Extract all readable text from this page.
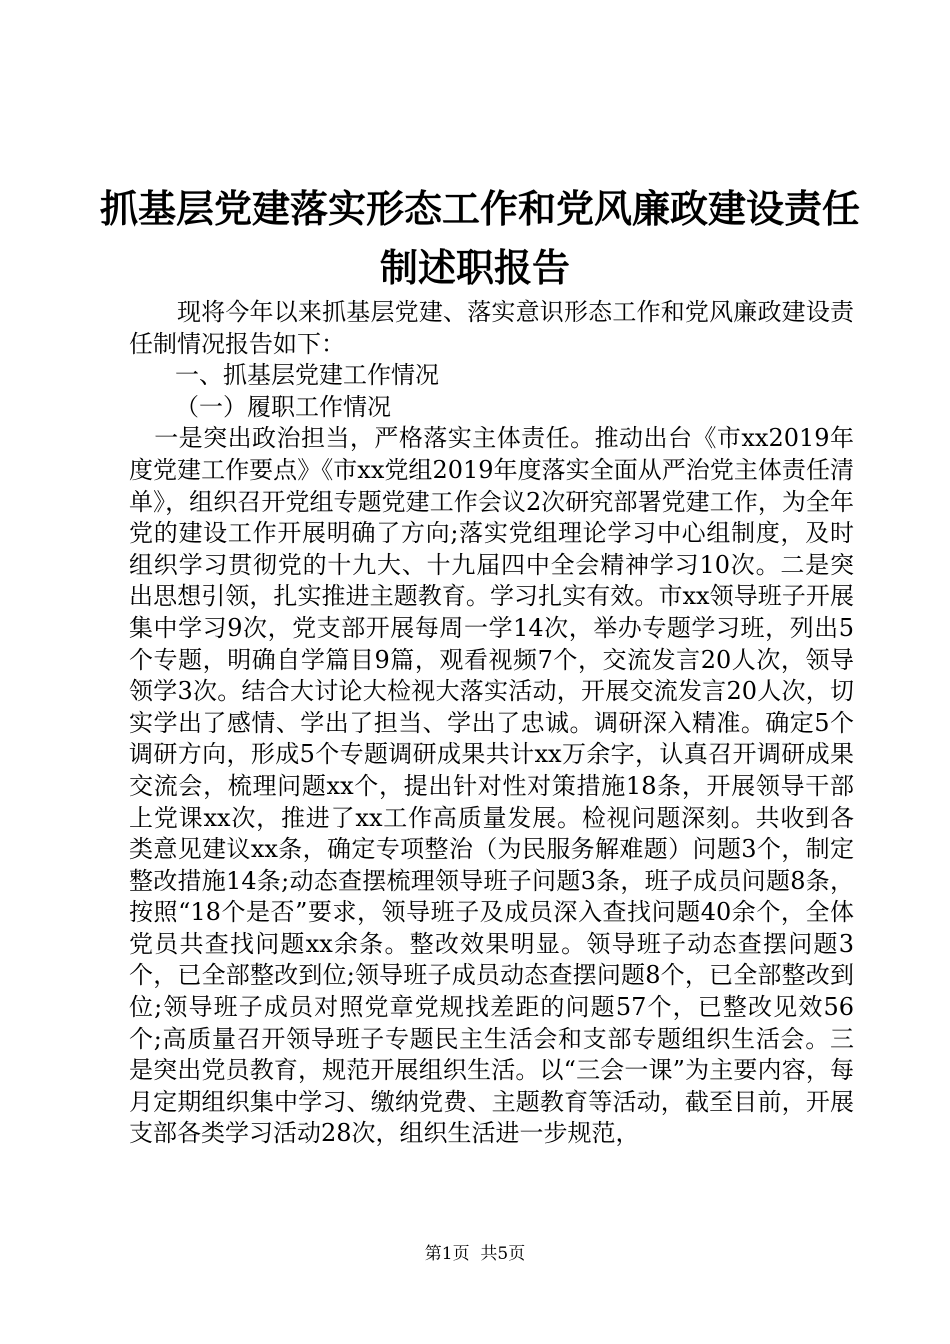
抓基层党建落实形态工作和党风廉政建设责任
制述职报告

现将今年以来抓基层党建、落实意识形态工作和党风廉政建设责任制情况报告如下：

一、抓基层党建工作情况

（一）履职工作情况

一是突出政治担当，严格落实主体责任。推动出台《市xx2019年度党建工作要点》《市xx党组2019年度落实全面从严治党主体责任清单》，组织召开党组专题党建工作会议2次研究部署党建工作，为全年党的建设工作开展明确了方向;落实党组理论学习中心组制度，及时组织学习贯彻党的十九大、十九届四中全会精神学习10次。二是突出思想引领，扎实推进主题教育。学习扎实有效。市xx领导班子开展集中学习9次，党支部开展每周一学14次，举办专题学习班，列出5个专题，明确自学篇目9篇，观看视频7个，交流发言20人次，领导领学3次。结合大讨论大检视大落实活动，开展交流发言20人次，切实学出了感情、学出了担当、学出了忠诚。调研深入精准。确定5个调研方向，形成5个专题调研成果共计xx万余字，认真召开调研成果交流会，梳理问题xx个，提出针对性对策措施18条，开展领导干部上党课xx次，推进了xx工作高质量发展。检视问题深刻。共收到各类意见建议xx条，确定专项整治（为民服务解难题）问题3个，制定整改措施14条;动态查摆梳理领导班子问题3条，班子成员问题8条，按照“18个是否”要求，领导班子及成员深入查找问题40余个，全体党员共查找问题xx余条。整改效果明显。领导班子动态查摆问题3个，已全部整改到位;领导班子成员动态查摆问题8个，已全部整改到位;领导班子成员对照党章党规找差距的问题57个，已整改见效56个;高质量召开领导班子专题民主生活会和支部专题组织生活会。三是突出党员教育，规范开展组织生活。以“三会一课”为主要内容，每月定期组织集中学习、缴纳党费、主题教育等活动，截至目前，开展支部各类学习活动28次，组织生活进一步规范，

第1页  共5页
